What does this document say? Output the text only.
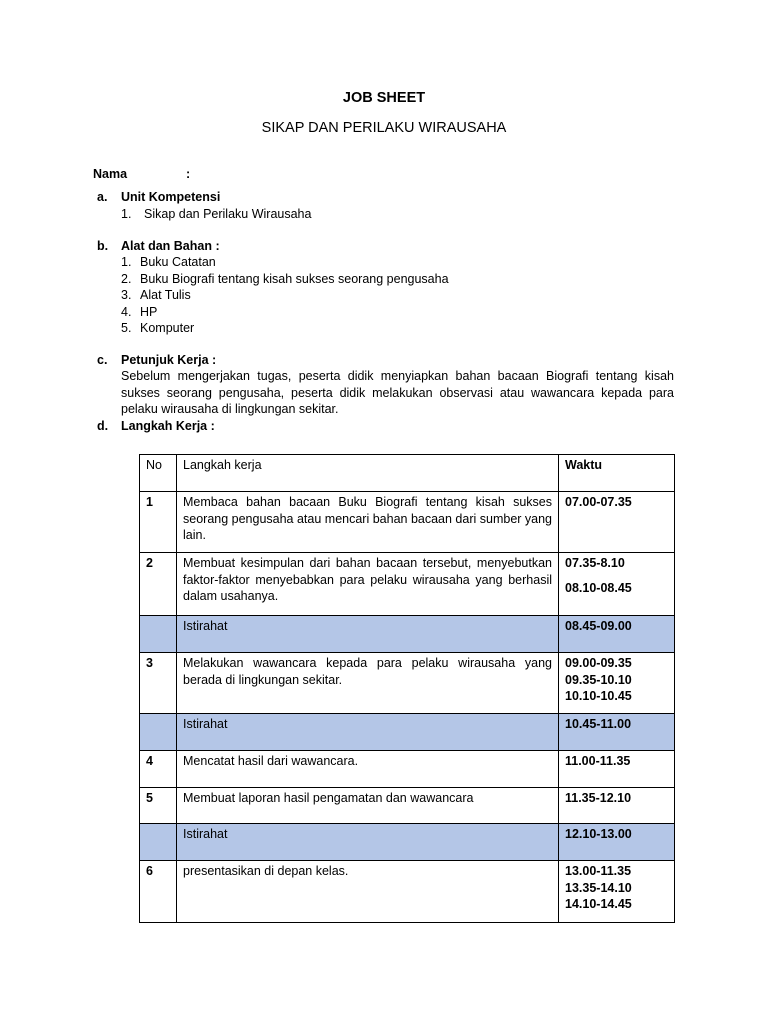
JOB SHEET
SIKAP DAN PERILAKU WIRAUSAHA
Nama	:
a. Unit Kompetensi
1. Sikap dan Perilaku Wirausaha
b. Alat dan Bahan :
1. Buku Catatan
2. Buku Biografi tentang kisah sukses seorang pengusaha
3. Alat Tulis
4. HP
5. Komputer
c. Petunjuk Kerja :
Sebelum mengerjakan tugas, peserta didik menyiapkan bahan bacaan Biografi tentang kisah sukses seorang pengusaha, peserta didik melakukan observasi atau wawancara kepada para pelaku wirausaha di lingkungan sekitar.
d. Langkah Kerja :
No	Langkah kerja	Waktu
1	Membaca bahan bacaan Buku Biografi tentang kisah sukses seorang pengusaha atau mencari bahan bacaan dari sumber yang lain.	07.00-07.35

2	Membuat kesimpulan dari bahan bacaan tersebut, menyebutkan faktor-faktor menyebabkan para pelaku wirausaha yang berhasil dalam usahanya.	07.35-8.10
08.10-08.45

	Istirahat	08.45-09.00

3	Melakukan wawancara kepada para pelaku wirausaha yang berada di lingkungan sekitar.	09.00-09.35
09.35-10.10
10.10-10.45

	Istirahat	10.45-11.00

4	Mencatat hasil dari wawancara.	11.00-11.35

5	Membuat laporan hasil pengamatan dan wawancara	11.35-12.10

	Istirahat	12.10-13.00

6	presentasikan di depan kelas.	13.00-11.35
13.35-14.10
14.10-14.45
